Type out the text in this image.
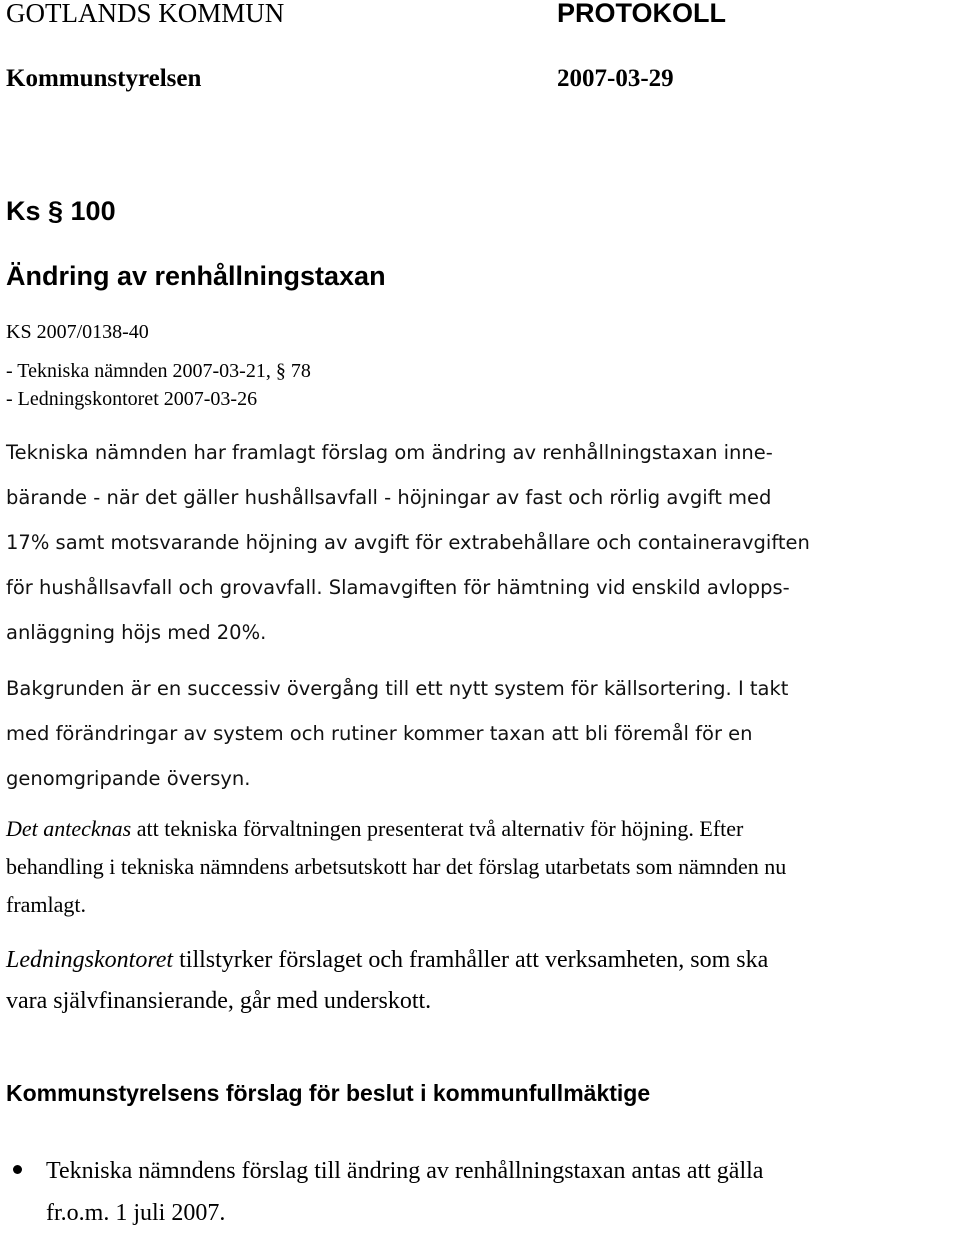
GOTLANDS KOMMUN	PROTOKOLL
Kommunstyrelsen	2007-03-29
Ks § 100
Ändring av renhållningstaxan
KS 2007/0138-40
- Tekniska nämnden 2007-03-21, § 78
- Ledningskontoret 2007-03-26
Tekniska nämnden har framlagt förslag om ändring av renhållningstaxan inne-
bärande - när det gäller hushållsavfall - höjningar av fast och rörlig avgift med
17% samt motsvarande höjning av avgift för extrabehållare och containeravgiften
för hushållsavfall och grovavfall. Slamavgiften för hämtning vid enskild avlopps-
anläggning höjs med 20%.
Bakgrunden är en successiv övergång till ett nytt system för källsortering. I takt
med förändringar av system och rutiner kommer taxan att bli föremål för en
genomgripande översyn.
Det antecknas att tekniska förvaltningen presenterat två alternativ för höjning. Efter
behandling i tekniska nämndens arbetsutskott har det förslag utarbetats som nämnden nu
framlagt.
Ledningskontoret tillstyrker förslaget och framhåller att verksamheten, som ska
vara självfinansierande, går med underskott.
Kommunstyrelsens förslag för beslut i kommunfullmäktige
Tekniska nämndens förslag till ändring av renhållningstaxan antas att gälla
fr.o.m. 1 juli 2007.
